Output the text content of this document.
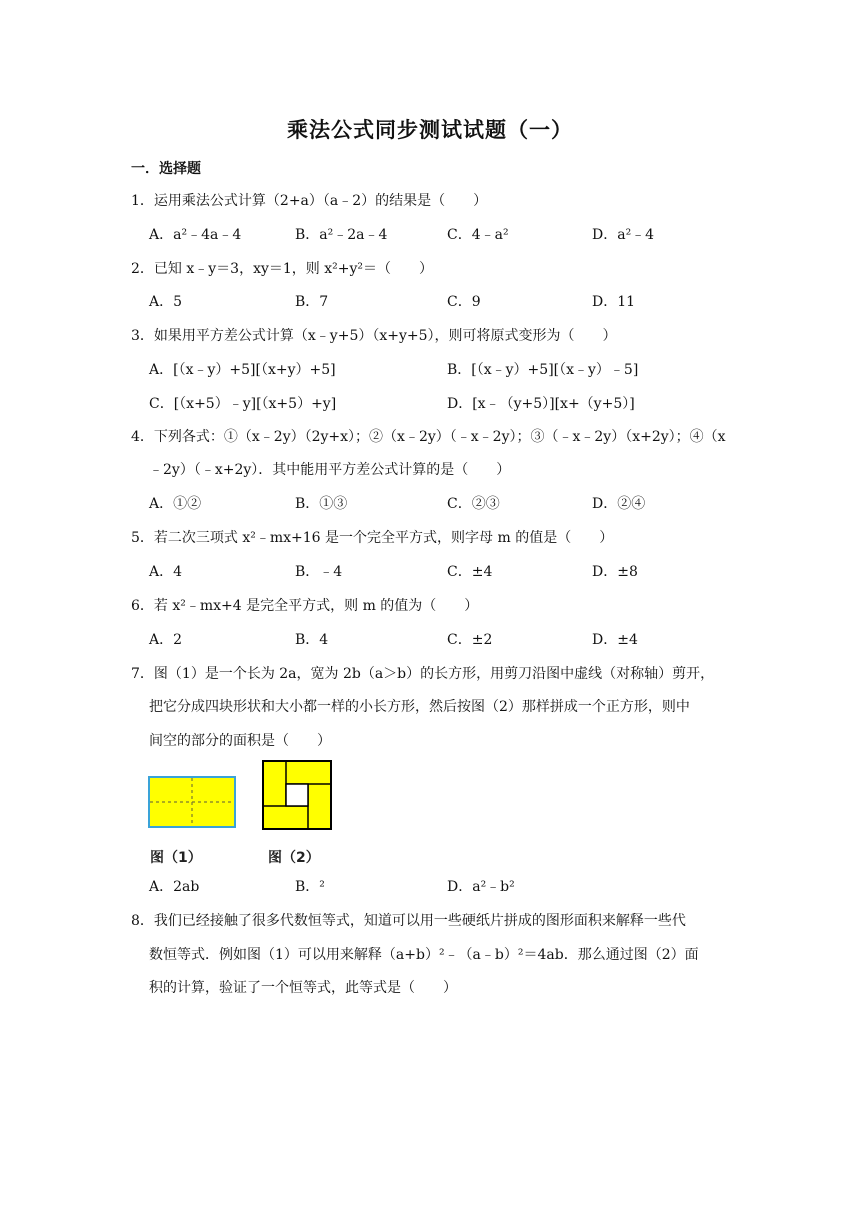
乘法公式同步测试试题（一）
一．选择题
1．运用乘法公式计算（2+a）（a﹣2）的结果是（　　）
A．a²﹣4a﹣4	B．a²﹣2a﹣4	C．4﹣a²	D．a²﹣4
2．已知 x﹣y＝3，xy＝1，则 x²+y²＝（　　）
A．5	B．7	C．9	D．11
3．如果用平方差公式计算（x﹣y+5）（x+y+5），则可将原式变形为（　　）
A．[（x﹣y）+5][（x+y）+5]	B．[（x﹣y）+5][（x﹣y）﹣5]
C．[（x+5）﹣y][（x+5）+y]	D．[x﹣（y+5）][x+（y+5）]
4．下列各式：①（x﹣2y）（2y+x）；②（x﹣2y）（﹣x﹣2y）；③（﹣x﹣2y）（x+2y）；④（x
﹣2y）（﹣x+2y）．其中能用平方差公式计算的是（　　）
A．①②	B．①③	C．②③	D．②④
5．若二次三项式 x²﹣mx+16 是一个完全平方式，则字母 m 的值是（　　）
A．4	B．﹣4	C．±4	D．±8
6．若 x²﹣mx+4 是完全平方式，则 m 的值为（　　）
A．2	B．4	C．±2	D．±4
7．图（1）是一个长为 2a，宽为 2b（a＞b）的长方形，用剪刀沿图中虚线（对称轴）剪开，
把它分成四块形状和大小都一样的小长方形，然后按图（2）那样拼成一个正方形，则中
间空的部分的面积是（　　）
图（1）	图（2）
A．2ab	B．²	D．a²﹣b²
8．我们已经接触了很多代数恒等式，知道可以用一些硬纸片拼成的图形面积来解释一些代
数恒等式．例如图（1）可以用来解释（a+b）²﹣（a﹣b）²＝4ab．那么通过图（2）面
积的计算，验证了一个恒等式，此等式是（　　）
